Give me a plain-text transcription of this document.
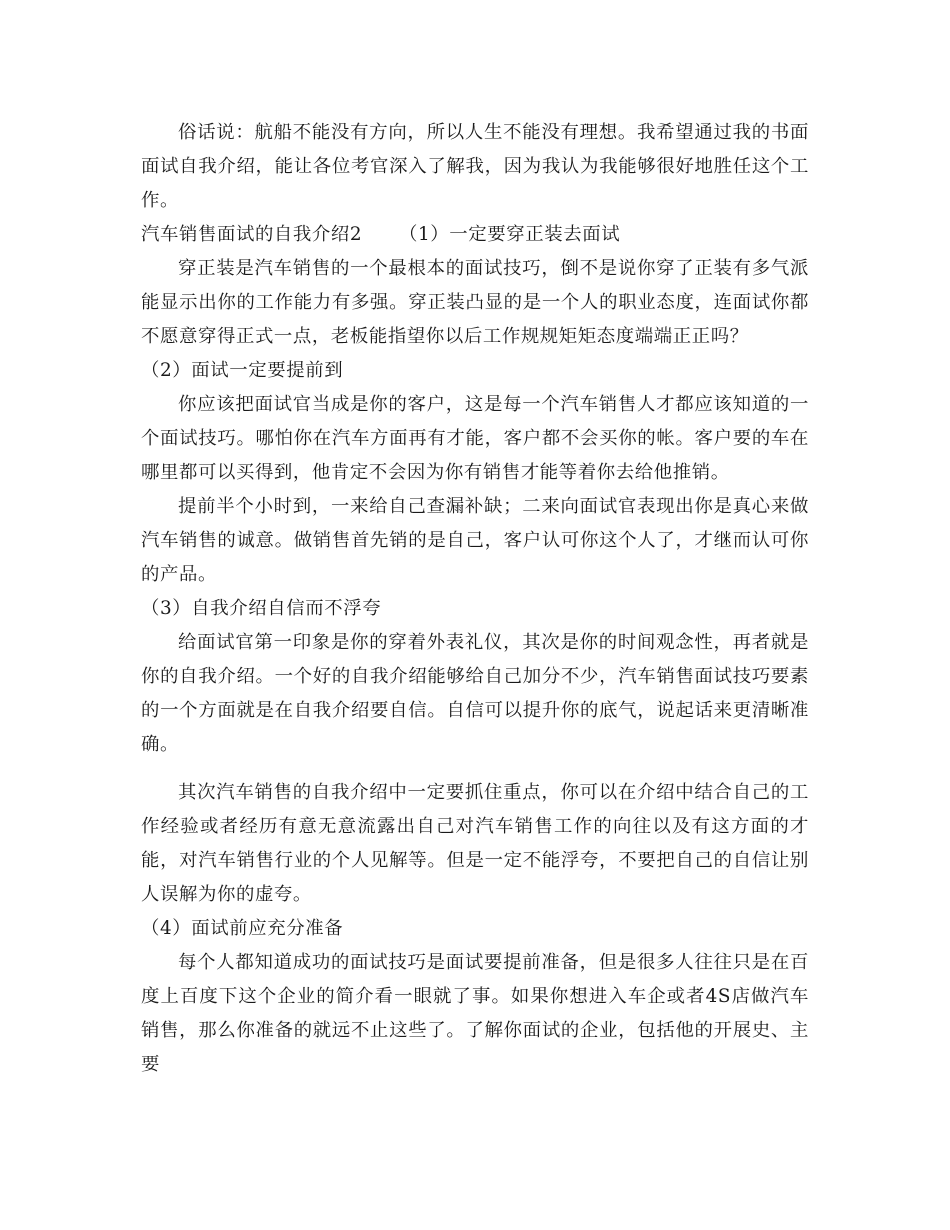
俗话说：航船不能没有方向，所以人生不能没有理想。我希望通过我的书面面试自我介绍，能让各位考官深入了解我，因为我认为我能够很好地胜任这个工作。

汽车销售面试的自我介绍2	（1）一定要穿正装去面试

穿正装是汽车销售的一个最根本的面试技巧，倒不是说你穿了正装有多气派能显示出你的工作能力有多强。穿正装凸显的是一个人的职业态度，连面试你都不愿意穿得正式一点，老板能指望你以后工作规规矩矩态度端端正正吗？

（2）面试一定要提前到

你应该把面试官当成是你的客户，这是每一个汽车销售人才都应该知道的一个面试技巧。哪怕你在汽车方面再有才能，客户都不会买你的帐。客户要的车在哪里都可以买得到，他肯定不会因为你有销售才能等着你去给他推销。

提前半个小时到，一来给自己查漏补缺；二来向面试官表现出你是真心来做汽车销售的诚意。做销售首先销的是自己，客户认可你这个人了，才继而认可你的产品。

（3）自我介绍自信而不浮夸

给面试官第一印象是你的穿着外表礼仪，其次是你的时间观念性，再者就是你的自我介绍。一个好的自我介绍能够给自己加分不少，汽车销售面试技巧要素的一个方面就是在自我介绍要自信。自信可以提升你的底气，说起话来更清晰准确。

其次汽车销售的自我介绍中一定要抓住重点，你可以在介绍中结合自己的工作经验或者经历有意无意流露出自己对汽车销售工作的向往以及有这方面的才能，对汽车销售行业的个人见解等。但是一定不能浮夸，不要把自己的自信让别人误解为你的虚夸。

（4）面试前应充分准备

每个人都知道成功的面试技巧是面试要提前准备，但是很多人往往只是在百度上百度下这个企业的简介看一眼就了事。如果你想进入车企或者4S店做汽车销售，那么你准备的就远不止这些了。了解你面试的企业，包括他的开展史、主要
